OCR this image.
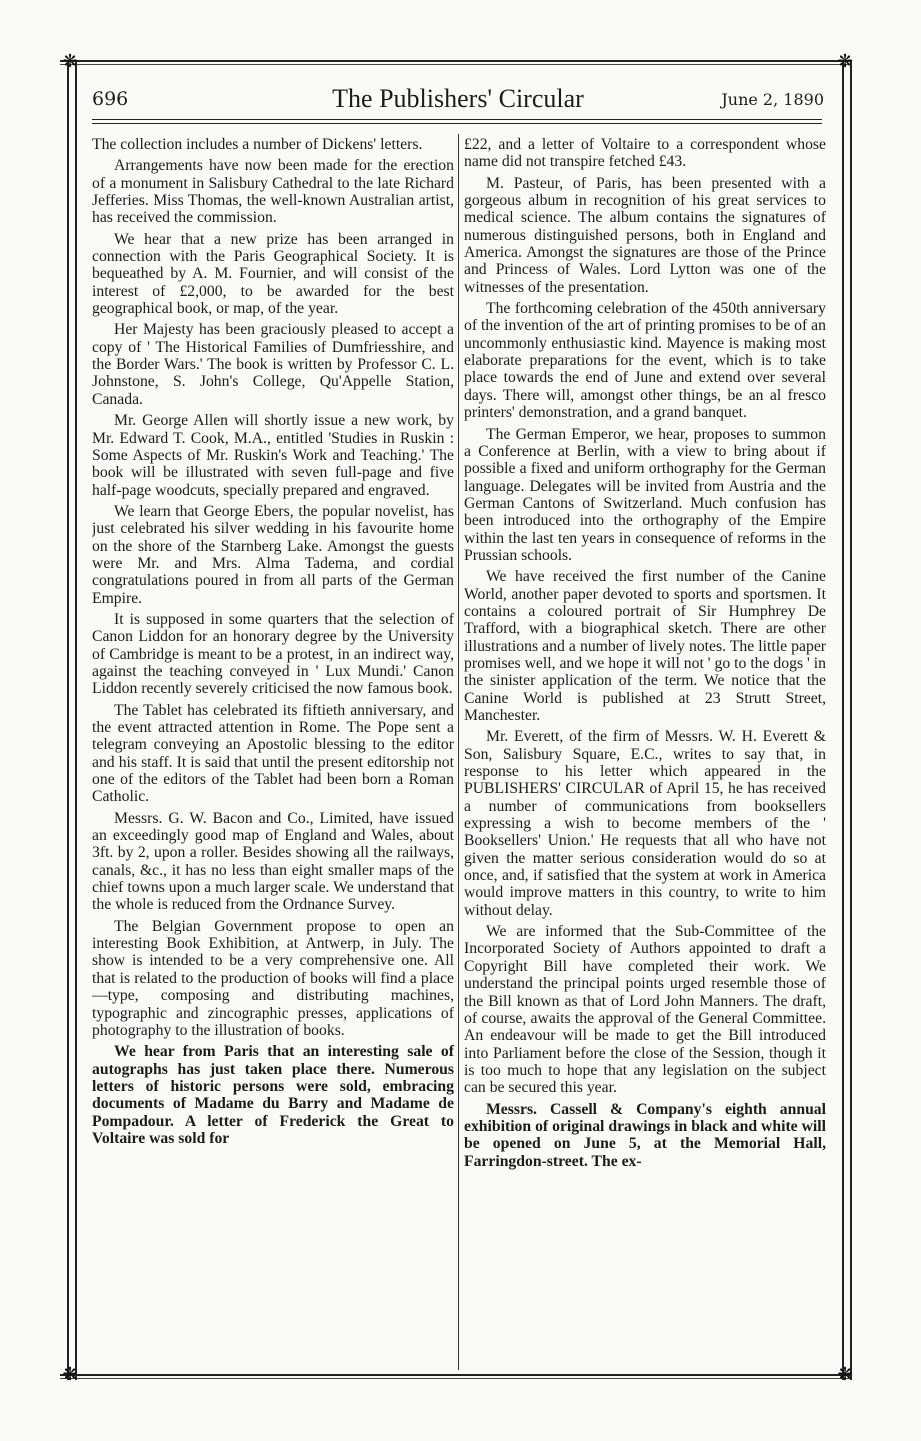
❋	❋
❋	❋
696	The Publishers' Circular	June 2, 1890

The collection includes a number of Dickens' letters.

Arrangements have now been made for the erection of a monument in Salisbury Cathedral to the late Richard Jefferies. Miss Thomas, the well-known Australian artist, has received the commission.

We hear that a new prize has been arranged in connection with the Paris Geographical Society. It is bequeathed by A. M. Fournier, and will consist of the interest of £2,000, to be awarded for the best geographical book, or map, of the year.

Her Majesty has been graciously pleased to accept a copy of ' The Historical Families of Dumfriesshire, and the Border Wars.' The book is written by Professor C. L. Johnstone, S. John's College, Qu'Appelle Station, Canada.

Mr. George Allen will shortly issue a new work, by Mr. Edward T. Cook, M.A., entitled 'Studies in Ruskin : Some Aspects of Mr. Ruskin's Work and Teaching.' The book will be illustrated with seven full-page and five half-page woodcuts, specially prepared and engraved.

We learn that George Ebers, the popular novelist, has just celebrated his silver wedding in his favourite home on the shore of the Starnberg Lake. Amongst the guests were Mr. and Mrs. Alma Tadema, and cordial congratulations poured in from all parts of the German Empire.

It is supposed in some quarters that the selection of Canon Liddon for an honorary degree by the University of Cambridge is meant to be a protest, in an indirect way, against the teaching conveyed in ' Lux Mundi.' Canon Liddon recently severely criticised the now famous book.

The Tablet has celebrated its fiftieth anniversary, and the event attracted attention in Rome. The Pope sent a telegram conveying an Apostolic blessing to the editor and his staff. It is said that until the present editorship not one of the editors of the Tablet had been born a Roman Catholic.

Messrs. G. W. Bacon and Co., Limited, have issued an exceedingly good map of England and Wales, about 3ft. by 2, upon a roller. Besides showing all the railways, canals, &c., it has no less than eight smaller maps of the chief towns upon a much larger scale. We understand that the whole is reduced from the Ordnance Survey.

The Belgian Government propose to open an interesting Book Exhibition, at Antwerp, in July. The show is intended to be a very comprehensive one. All that is related to the production of books will find a place—type, composing and distributing machines, typographic and zincographic presses, applications of photography to the illustration of books.

We hear from Paris that an interesting sale of autographs has just taken place there. Numerous letters of historic persons were sold, embracing documents of Madame du Barry and Madame de Pompadour. A letter of Frederick the Great to Voltaire was sold for

£22, and a letter of Voltaire to a correspondent whose name did not transpire fetched £43.

M. Pasteur, of Paris, has been presented with a gorgeous album in recognition of his great services to medical science. The album contains the signatures of numerous distinguished persons, both in England and America. Amongst the signatures are those of the Prince and Princess of Wales. Lord Lytton was one of the witnesses of the presentation.

The forthcoming celebration of the 450th anniversary of the invention of the art of printing promises to be of an uncommonly enthusiastic kind. Mayence is making most elaborate preparations for the event, which is to take place towards the end of June and extend over several days. There will, amongst other things, be an al fresco printers' demonstration, and a grand banquet.

The German Emperor, we hear, proposes to summon a Conference at Berlin, with a view to bring about if possible a fixed and uniform orthography for the German language. Delegates will be invited from Austria and the German Cantons of Switzerland. Much confusion has been introduced into the orthography of the Empire within the last ten years in consequence of reforms in the Prussian schools.

We have received the first number of the Canine World, another paper devoted to sports and sportsmen. It contains a coloured portrait of Sir Humphrey De Trafford, with a biographical sketch. There are other illustrations and a number of lively notes. The little paper promises well, and we hope it will not ' go to the dogs ' in the sinister application of the term. We notice that the Canine World is published at 23 Strutt Street, Manchester.

Mr. Everett, of the firm of Messrs. W. H. Everett & Son, Salisbury Square, E.C., writes to say that, in response to his letter which appeared in the PUBLISHERS' CIRCULAR of April 15, he has received a number of communications from booksellers expressing a wish to become members of the ' Booksellers' Union.' He requests that all who have not given the matter serious consideration would do so at once, and, if satisfied that the system at work in America would improve matters in this country, to write to him without delay.

We are informed that the Sub-Committee of the Incorporated Society of Authors appointed to draft a Copyright Bill have completed their work. We understand the principal points urged resemble those of the Bill known as that of Lord John Manners. The draft, of course, awaits the approval of the General Committee. An endeavour will be made to get the Bill introduced into Parliament before the close of the Session, though it is too much to hope that any legislation on the subject can be secured this year.

Messrs. Cassell & Company's eighth annual exhibition of original drawings in black and white will be opened on June 5, at the Memorial Hall, Farringdon-street. The ex-
